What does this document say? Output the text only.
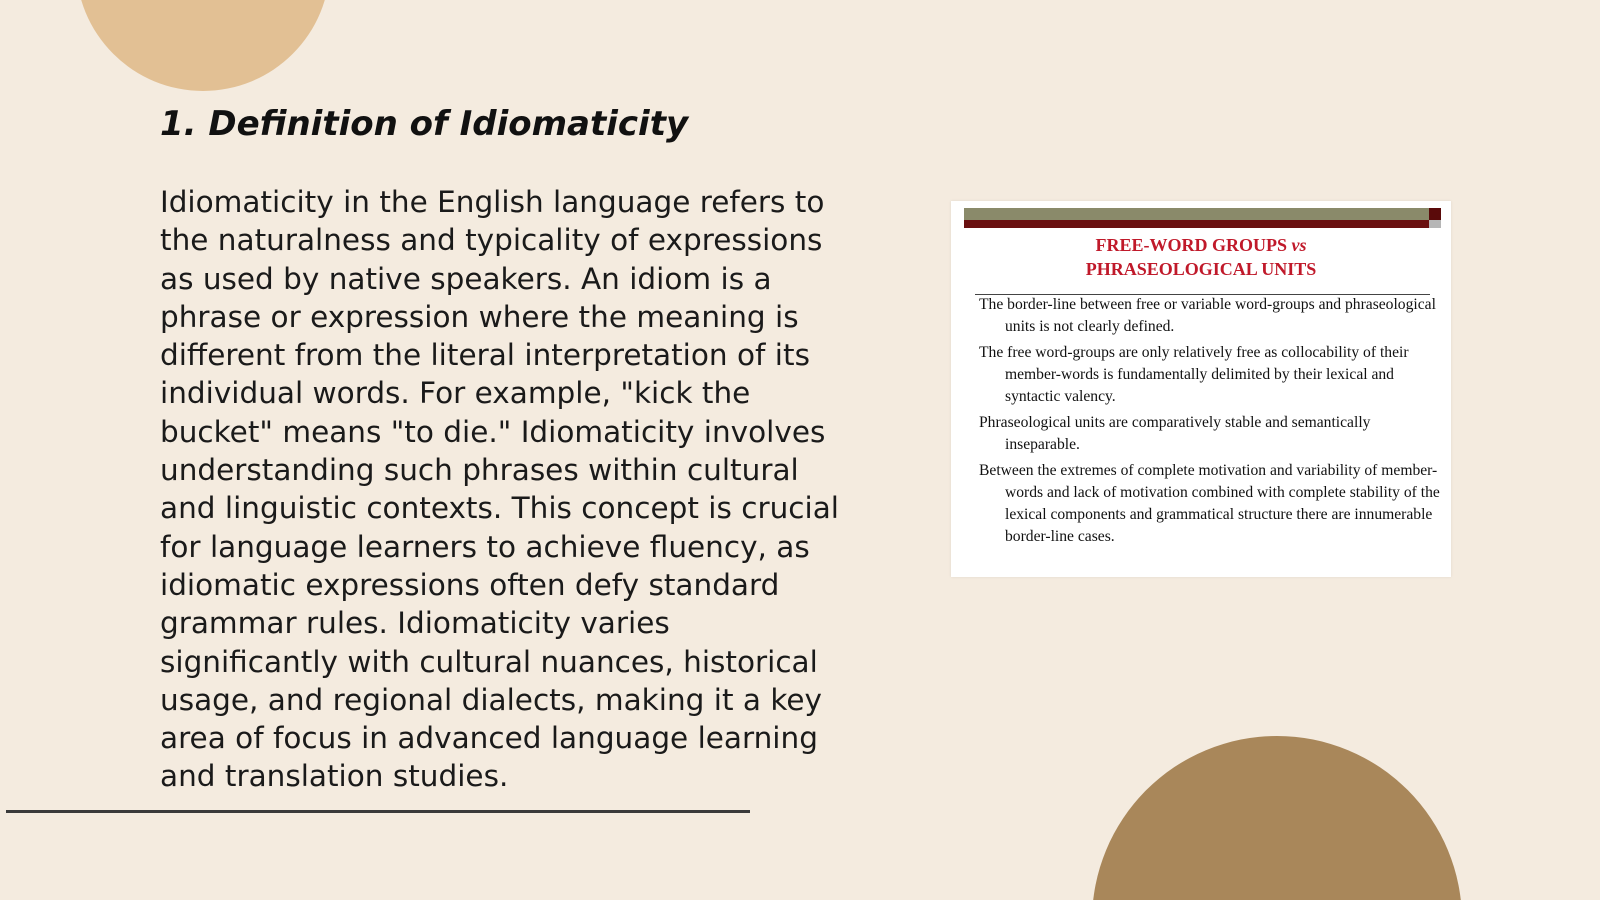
1. Definition of Idiomaticity

Idiomaticity in the English language refers to the naturalness and typicality of expressions as used by native speakers. An idiom is a phrase or expression where the meaning is different from the literal interpretation of its individual words. For example, "kick the bucket" means "to die." Idiomaticity involves understanding such phrases within cultural and linguistic contexts. This concept is crucial for language learners to achieve fluency, as idiomatic expressions often defy standard grammar rules. Idiomaticity varies significantly with cultural nuances, historical usage, and regional dialects, making it a key area of focus in advanced language learning and translation studies.

FREE-WORD GROUPS vs
PHRASEOLOGICAL UNITS
The border-line between free or variable word-groups and phraseological units is not clearly defined.
The free word-groups are only relatively free as collocability of their member-words is fundamentally delimited by their lexical and syntactic valency.
Phraseological units are comparatively stable and semantically inseparable.
Between the extremes of complete motivation and variability of member-words and lack of motivation combined with complete stability of the lexical components and grammatical structure there are innumerable border-line cases.
